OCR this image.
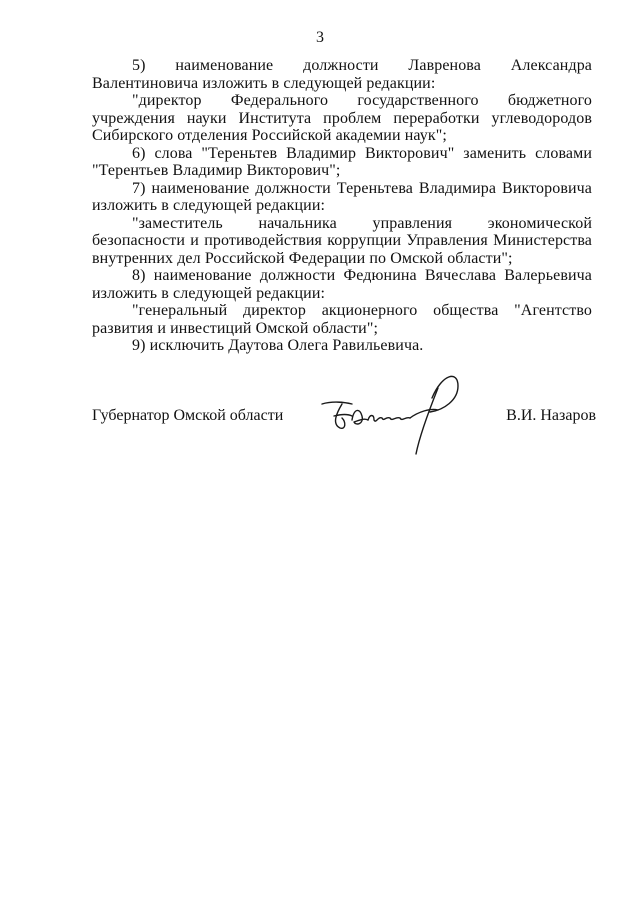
3
5) наименование должности Лавренова Александра Валентиновича изложить в следующей редакции:
"директор Федерального государственного бюджетного учреждения науки Института проблем переработки углеводородов Сибирского отделения Российской академии наук";
6) слова "Тереньтев Владимир Викторович" заменить словами "Терентьев Владимир Викторович";
7) наименование должности Тереньтева Владимира Викторовича изложить в следующей редакции:
"заместитель начальника управления экономической безопасности и противодействия коррупции Управления Министерства внутренних дел Российской Федерации по Омской области";
8) наименование должности Федюнина Вячеслава Валерьевича изложить в следующей редакции:
"генеральный директор акционерного общества "Агентство развития и инвестиций Омской области";
9) исключить Даутова Олега Равильевича.
Губернатор Омской области	В.И. Назаров
